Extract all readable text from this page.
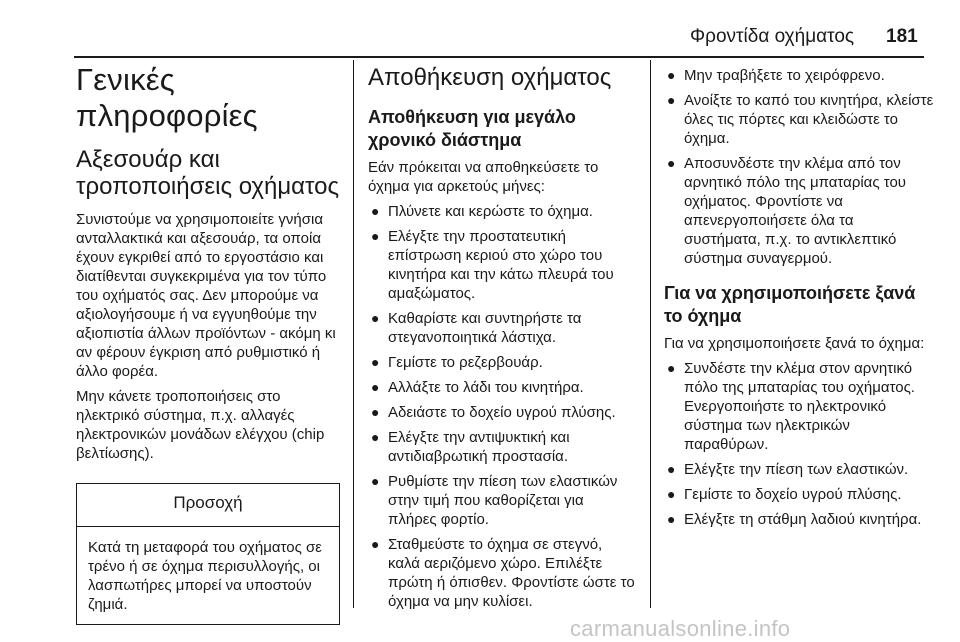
Φροντίδα οχήματος 181
Γενικές πληροφορίες
Αξεσουάρ και τροποποιήσεις οχήματος

Συνιστούμε να χρησιμοποιείτε γνήσια ανταλλακτικά και αξεσουάρ, τα οποία έχουν εγκριθεί από το εργοστάσιο και διατίθενται συγκεκριμένα για τον τύπο του οχήματός σας. Δεν μπορούμε να αξιολογήσουμε ή να εγγυηθούμε την αξιοπιστία άλλων προϊόντων - ακόμη κι αν φέρουν έγκριση από ρυθμιστικό ή άλλο φορέα.

Μην κάνετε τροποποιήσεις στο ηλεκτρικό σύστημα, π.χ. αλλαγές ηλεκτρονικών μονάδων ελέγχου (chip βελτίωσης).

Προσοχή
Κατά τη μεταφορά του οχήματος σε τρένο ή σε όχημα περισυλλογής, οι λασπωτήρες μπορεί να υποστούν ζημιά.
Αποθήκευση οχήματος
Αποθήκευση για μεγάλο χρονικό διάστημα

Εάν πρόκειται να αποθηκεύσετε το όχημα για αρκετούς μήνες:

● Πλύνετε και κερώστε το όχημα.
● Ελέγξτε την προστατευτική επίστρωση κεριού στο χώρο του κινητήρα και την κάτω πλευρά του αμαξώματος.
● Καθαρίστε και συντηρήστε τα στεγανοποιητικά λάστιχα.
● Γεμίστε το ρεζερβουάρ.
● Αλλάξτε το λάδι του κινητήρα.
● Αδειάστε το δοχείο υγρού πλύσης.
● Ελέγξτε την αντιψυκτική και αντιδιαβρωτική προστασία.
● Ρυθμίστε την πίεση των ελαστικών στην τιμή που καθορίζεται για πλήρες φορτίο.
● Σταθμεύστε το όχημα σε στεγνό, καλά αεριζόμενο χώρο. Επιλέξτε πρώτη ή όπισθεν. Φροντίστε ώστε το όχημα να μην κυλίσει.
● Μην τραβήξετε το χειρόφρενο.
● Ανοίξτε το καπό του κινητήρα, κλείστε όλες τις πόρτες και κλειδώστε το όχημα.
● Αποσυνδέστε την κλέμα από τον αρνητικό πόλο της μπαταρίας του οχήματος. Φροντίστε να απενεργοποιήσετε όλα τα συστήματα, π.χ. το αντικλεπτικό σύστημα συναγερμού.
Για να χρησιμοποιήσετε ξανά το όχημα

Για να χρησιμοποιήσετε ξανά το όχημα:

● Συνδέστε την κλέμα στον αρνητικό πόλο της μπαταρίας του οχήματος. Ενεργοποιήστε το ηλεκτρονικό σύστημα των ηλεκτρικών παραθύρων.
● Ελέγξτε την πίεση των ελαστικών.
● Γεμίστε το δοχείο υγρού πλύσης.
● Ελέγξτε τη στάθμη λαδιού κινητήρα.
carmanualsonline.info
